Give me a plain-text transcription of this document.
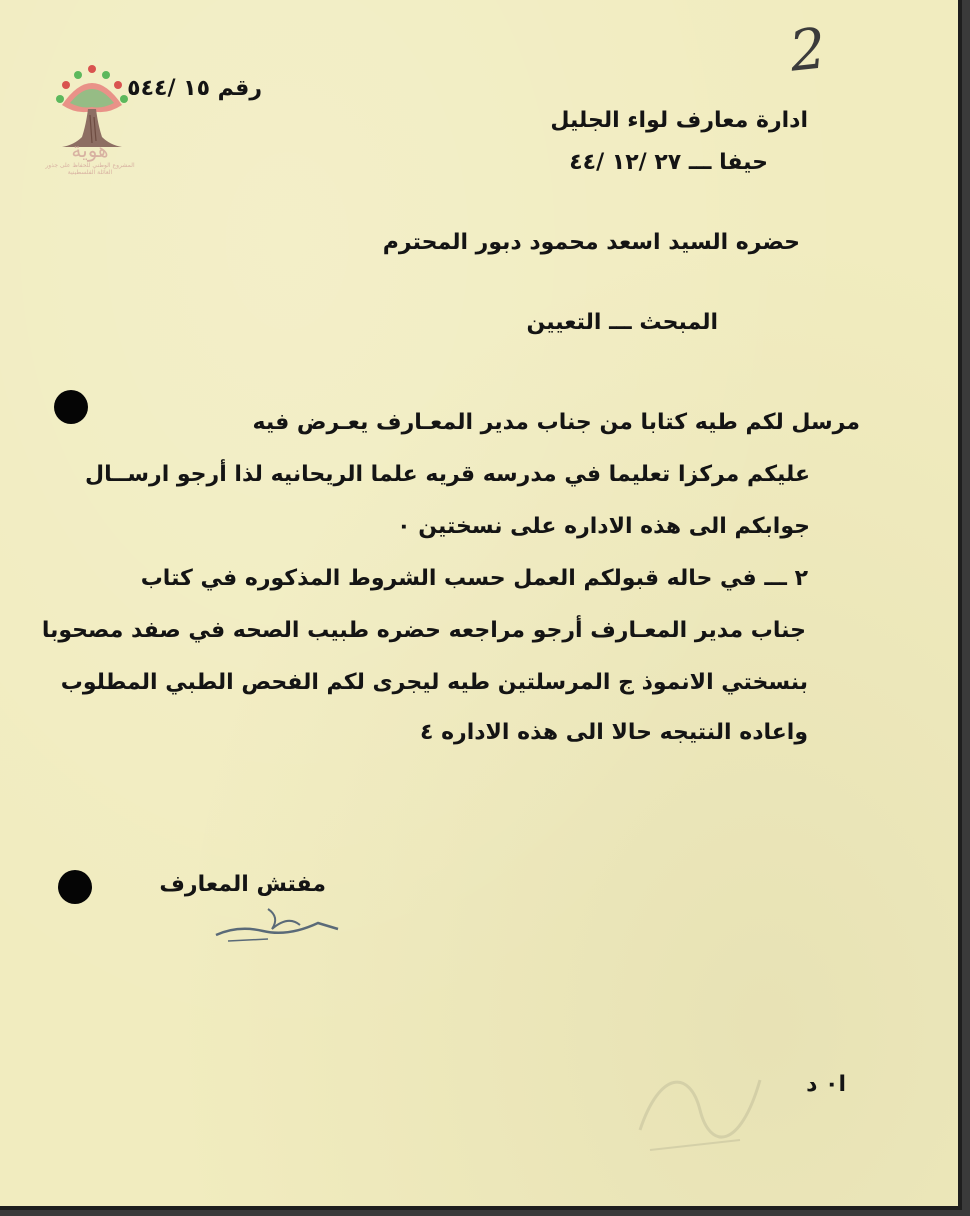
2
هوية
المشروع الوطني للحفاظ على جذور العائلة الفلسطينية
رقم ١٥ /٥٤٤
ادارة معارف لواء الجليل
حيفا ـــ ٢٧ /١٢ /٤٤
حضره السيد اسعد محمود دبور المحترم
المبحث ـــ التعيين
مرسل لكم طيه كتابا من جناب مدير المعـارف يعـرض فيه
عليكم مركزا تعليما في مدرسه قريه علما الريحانيه لذا أرجو ارســال
جوابكم الى هذه الاداره على نسختين ٠
٢ ـــ في حاله قبولكم العمل حسب الشروط المذكوره في كتاب
جناب مدير المعـارف أرجو مراجعه حضره طبيب الصحه في صفد مصحوبا
بنسختي الانموذ ج المرسلتين طيه ليجرى لكم الفحص الطبي المطلوب
واعاده النتيجه حالا الى هذه الاداره ٤
مفتش المعارف
ا٠ د
